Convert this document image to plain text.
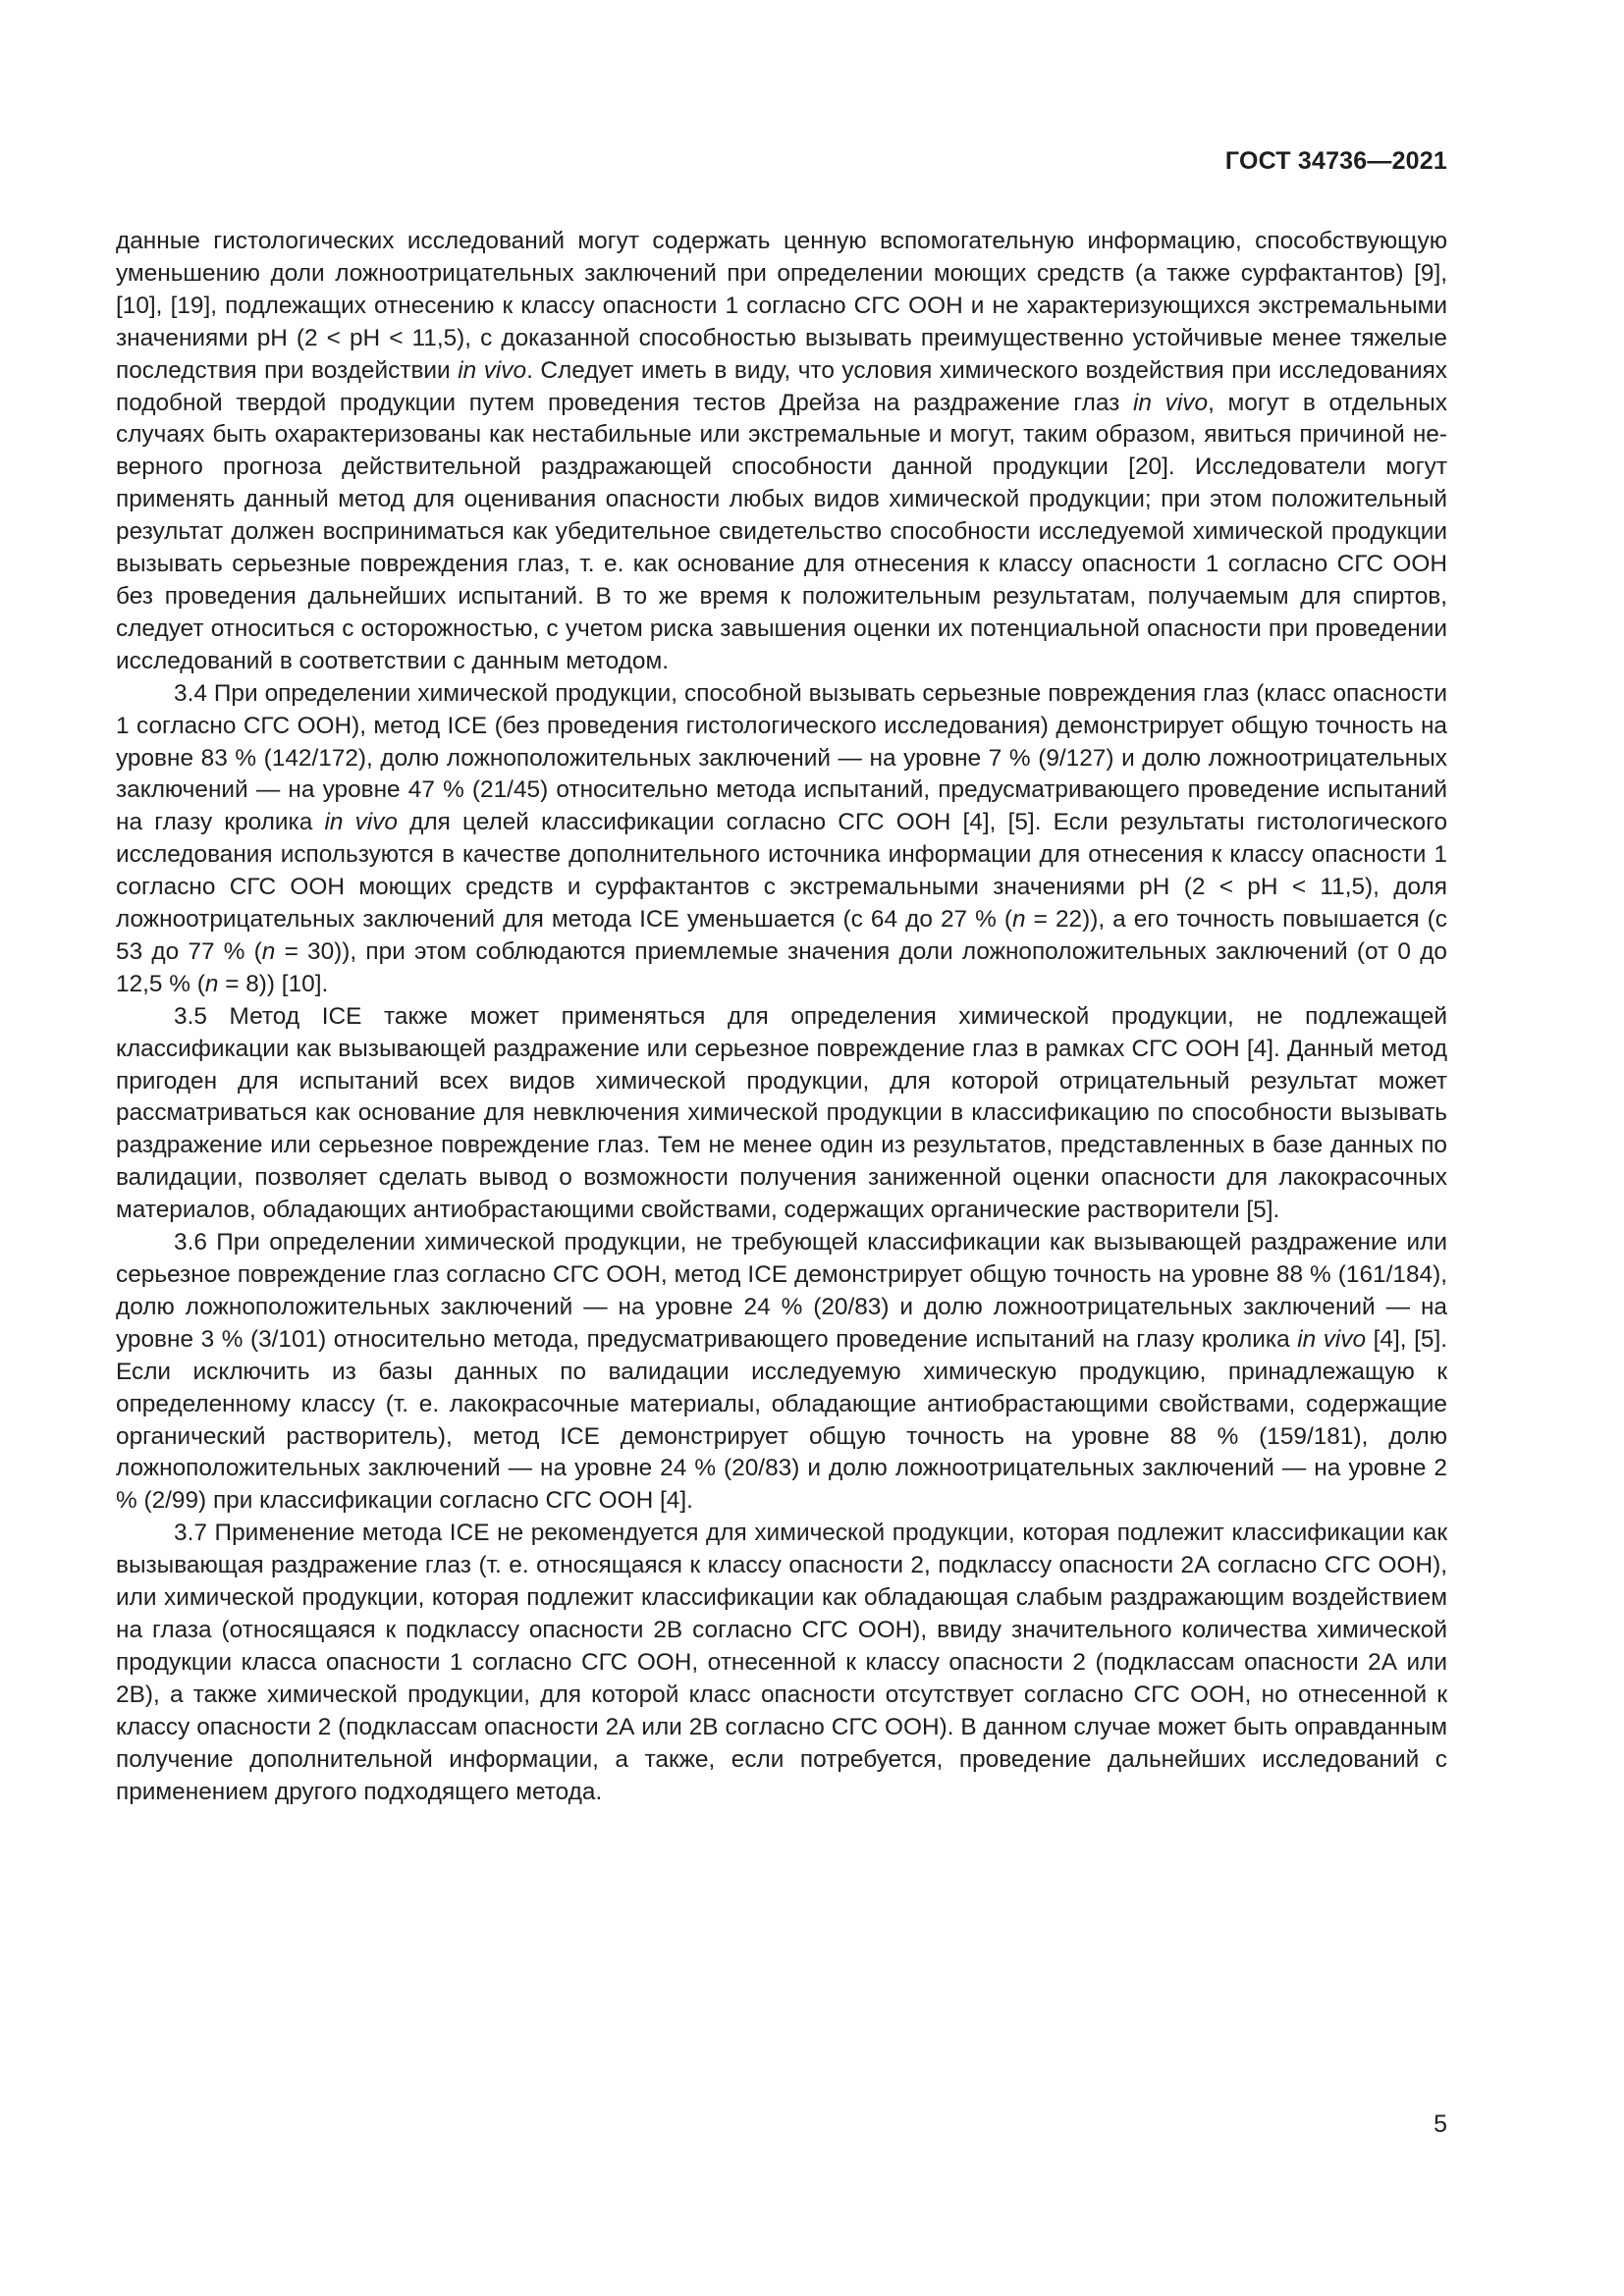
ГОСТ 34736—2021

данные гистологических исследований могут содержать ценную вспомогательную информацию, способствующую уменьшению доли ложноотрицательных заключений при определении моющих средств (а также сурфактантов) [9], [10], [19], подлежащих отнесению к классу опасности 1 согласно СГС ООН и не характеризующихся экстремальными значениями pH (2 < pH < 11,5), с доказанной способностью вызывать преимущественно устойчивые менее тяжелые последствия при воздействии in vivo. Следует иметь в виду, что условия химического воздействия при исследованиях подобной твердой продукции путем проведения тестов Дрейза на раздражение глаз in vivo, могут в отдельных случаях быть охарактеризованы как нестабильные или экстремальные и могут, таким образом, явиться причиной неверного прогноза действительной раздражающей способности данной продукции [20]. Исследователи могут применять данный метод для оценивания опасности любых видов химической продукции; при этом положительный результат должен восприниматься как убедительное свидетельство способности исследуемой химической продукции вызывать серьезные повреждения глаз, т. е. как основание для отнесения к классу опасности 1 согласно СГС ООН без проведения дальнейших испытаний. В то же время к положительным результатам, получаемым для спиртов, следует относиться с осторожностью, с учетом риска завышения оценки их потенциальной опасности при проведении исследований в соответствии с данным методом.

3.4 При определении химической продукции, способной вызывать серьезные повреждения глаз (класс опасности 1 согласно СГС ООН), метод ICE (без проведения гистологического исследования) демонстрирует общую точность на уровне 83 % (142/172), долю ложноположительных заключений — на уровне 7 % (9/127) и долю ложноотрицательных заключений — на уровне 47 % (21/45) относительно метода испытаний, предусматривающего проведение испытаний на глазу кролика in vivo для целей классификации согласно СГС ООН [4], [5]. Если результаты гистологического исследования используются в качестве дополнительного источника информации для отнесения к классу опасности 1 согласно СГС ООН моющих средств и сурфактантов с экстремальными значениями pH (2 < pH < 11,5), доля ложноотрицательных заключений для метода ICE уменьшается (с 64 до 27 % (n = 22)), а его точность повышается (с 53 до 77 % (n = 30)), при этом соблюдаются приемлемые значения доли ложноположительных заключений (от 0 до 12,5 % (n = 8)) [10].

3.5 Метод ICE также может применяться для определения химической продукции, не подлежащей классификации как вызывающей раздражение или серьезное повреждение глаз в рамках СГС ООН [4]. Данный метод пригоден для испытаний всех видов химической продукции, для которой отрицательный результат может рассматриваться как основание для невключения химической продукции в классификацию по способности вызывать раздражение или серьезное повреждение глаз. Тем не менее один из результатов, представленных в базе данных по валидации, позволяет сделать вывод о возможности получения заниженной оценки опасности для лакокрасочных материалов, обладающих антиобрастающими свойствами, содержащих органические растворители [5].

3.6 При определении химической продукции, не требующей классификации как вызывающей раздражение или серьезное повреждение глаз согласно СГС ООН, метод ICE демонстрирует общую точность на уровне 88 % (161/184), долю ложноположительных заключений — на уровне 24 % (20/83) и долю ложноотрицательных заключений — на уровне 3 % (3/101) относительно метода, предусматривающего проведение испытаний на глазу кролика in vivo [4], [5]. Если исключить из базы данных по валидации исследуемую химическую продукцию, принадлежащую к определенному классу (т. е. лакокрасочные материалы, обладающие антиобрастающими свойствами, содержащие органический растворитель), метод ICE демонстрирует общую точность на уровне 88 % (159/181), долю ложноположительных заключений — на уровне 24 % (20/83) и долю ложноотрицательных заключений — на уровне 2 % (2/99) при классификации согласно СГС ООН [4].

3.7 Применение метода ICE не рекомендуется для химической продукции, которая подлежит классификации как вызывающая раздражение глаз (т. е. относящаяся к классу опасности 2, подклассу опасности 2А согласно СГС ООН), или химической продукции, которая подлежит классификации как обладающая слабым раздражающим воздействием на глаза (относящаяся к подклассу опасности 2В согласно СГС ООН), ввиду значительного количества химической продукции класса опасности 1 согласно СГС ООН, отнесенной к классу опасности 2 (подклассам опасности 2А или 2В), а также химической продукции, для которой класс опасности отсутствует согласно СГС ООН, но отнесенной к классу опасности 2 (подклассам опасности 2А или 2В согласно СГС ООН). В данном случае может быть оправданным получение дополнительной информации, а также, если потребуется, проведение дальнейших исследований с применением другого подходящего метода.

5
